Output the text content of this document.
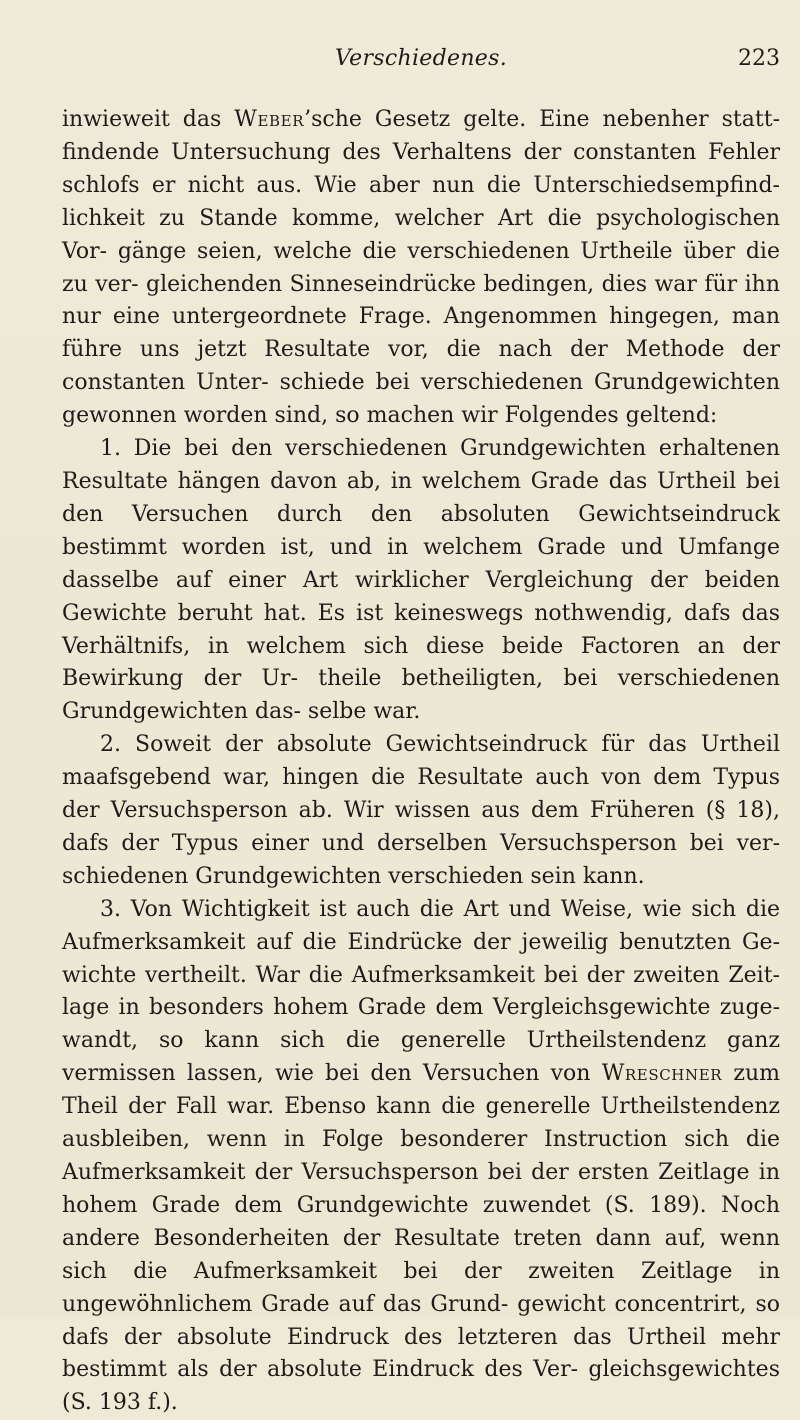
Verschiedenes.	223

inwieweit das Weber’sche Gesetz gelte. Eine nebenher statt- findende Untersuchung des Verhaltens der constanten Fehler schlofs er nicht aus. Wie aber nun die Unterschiedsempfind- lichkeit zu Stande komme, welcher Art die psychologischen Vor- gänge seien, welche die verschiedenen Urtheile über die zu ver- gleichenden Sinneseindrücke bedingen, dies war für ihn nur eine untergeordnete Frage. Angenommen hingegen, man führe uns jetzt Resultate vor, die nach der Methode der constanten Unter- schiede bei verschiedenen Grundgewichten gewonnen worden sind, so machen wir Folgendes geltend:

1. Die bei den verschiedenen Grundgewichten erhaltenen Resultate hängen davon ab, in welchem Grade das Urtheil bei den Versuchen durch den absoluten Gewichtseindruck bestimmt worden ist, und in welchem Grade und Umfange dasselbe auf einer Art wirklicher Vergleichung der beiden Gewichte beruht hat. Es ist keineswegs nothwendig, dafs das Verhältnifs, in welchem sich diese beide Factoren an der Bewirkung der Ur- theile betheiligten, bei verschiedenen Grundgewichten das- selbe war.

2. Soweit der absolute Gewichtseindruck für das Urtheil maafsgebend war, hingen die Resultate auch von dem Typus der Versuchsperson ab. Wir wissen aus dem Früheren (§ 18), dafs der Typus einer und derselben Versuchsperson bei ver- schiedenen Grundgewichten verschieden sein kann.

3. Von Wichtigkeit ist auch die Art und Weise, wie sich die Aufmerksamkeit auf die Eindrücke der jeweilig benutzten Ge- wichte vertheilt. War die Aufmerksamkeit bei der zweiten Zeit- lage in besonders hohem Grade dem Vergleichsgewichte zuge- wandt, so kann sich die generelle Urtheilstendenz ganz vermissen lassen, wie bei den Versuchen von Wreschner zum Theil der Fall war. Ebenso kann die generelle Urtheilstendenz ausbleiben, wenn in Folge besonderer Instruction sich die Aufmerksamkeit der Versuchsperson bei der ersten Zeitlage in hohem Grade dem Grundgewichte zuwendet (S. 189). Noch andere Besonderheiten der Resultate treten dann auf, wenn sich die Aufmerksamkeit bei der zweiten Zeitlage in ungewöhnlichem Grade auf das Grund- gewicht concentrirt, so dafs der absolute Eindruck des letzteren das Urtheil mehr bestimmt als der absolute Eindruck des Ver- gleichsgewichtes (S. 193 f.).
